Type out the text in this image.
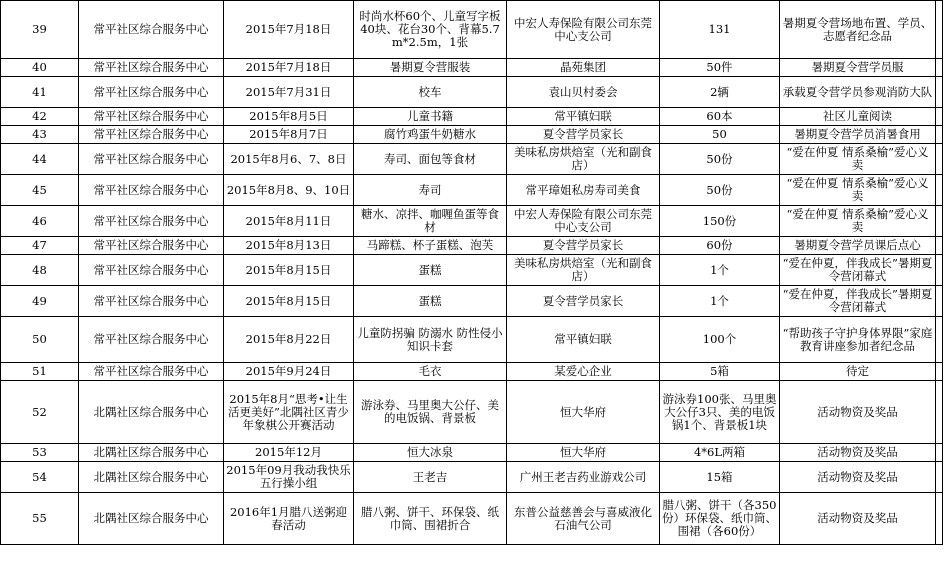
39	常平社区综合服务中心	2015年7月18日	时尚水杯60个、儿童写字板40块、花台30个、背幕5.7m*2.5m，1张	中宏人寿保险有限公司东莞中心支公司	131	暑期夏令营场地布置、学员、志愿者纪念品	
40	常平社区综合服务中心	2015年7月18日	暑期夏令营服装	晶苑集团	50件	暑期夏令营学员服	
41	常平社区综合服务中心	2015年7月31日	校车	袁山贝村委会	2辆	承载夏令营学员参观消防大队	
42	常平社区综合服务中心	2015年8月5日	儿童书籍	常平镇妇联	60本	社区儿童阅读	
43	常平社区综合服务中心	2015年8月7日	腐竹鸡蛋牛奶糖水	夏令营学员家长	50	暑期夏令营学员消暑食用	
44	常平社区综合服务中心	2015年8月6、7、8日	寿司、面包等食材	美味私房烘焙室（光和副食店）	50份	“爱在仲夏 情系桑榆”爱心义卖	
45	常平社区综合服务中心	2015年8月8、9、10日	寿司	常平璋姐私房寿司美食	50份	“爱在仲夏 情系桑榆”爱心义卖	
46	常平社区综合服务中心	2015年8月11日	糖水、凉拌、咖喱鱼蛋等食材	中宏人寿保险有限公司东莞中心支公司	150份	“爱在仲夏 情系桑榆”爱心义卖	
47	常平社区综合服务中心	2015年8月13日	马蹄糕、杯子蛋糕、泡芙	夏令营学员家长	60份	暑期夏令营学员课后点心	
48	常平社区综合服务中心	2015年8月15日	蛋糕	美味私房烘焙室（光和副食店）	1个	“爱在仲夏，伴我成长”暑期夏令营闭幕式	
49	常平社区综合服务中心	2015年8月15日	蛋糕	夏令营学员家长	1个	“爱在仲夏，伴我成长”暑期夏令营闭幕式	
50	常平社区综合服务中心	2015年8月22日	儿童防拐骗 防溺水 防性侵小知识卡套	常平镇妇联	100个	“帮助孩子守护身体界限”家庭教育讲座参加者纪念品	
51	常平社区综合服务中心	2015年9月24日	毛衣	某爱心企业	5箱	待定	
52	北隅社区综合服务中心	2015年8月“思考•让生活更美好”北隅社区青少年象棋公开赛活动	游泳券、马里奥大公仔、美的电饭锅、背景板	恒大华府	游泳券100张、马里奥大公仔3只、美的电饭锅1个、背景板1块	活动物资及奖品	
53	北隅社区综合服务中心	2015年12月	恒大冰泉	恒大华府	4*6L两箱	活动物资及奖品	
54	北隅社区综合服务中心	2015年09月我动我快乐五行操小组	王老吉	广州王老吉药业游戏公司	15箱	活动物资及奖品	
55	北隅社区综合服务中心	2016年1月腊八送粥迎春活动	腊八粥、饼干、环保袋、纸巾筒、围裙折合	东普公益慈善会与喜威液化石油气公司	腊八粥、饼干（各350份）环保袋、纸巾筒、围裙（各60份）	活动物资及奖品	
